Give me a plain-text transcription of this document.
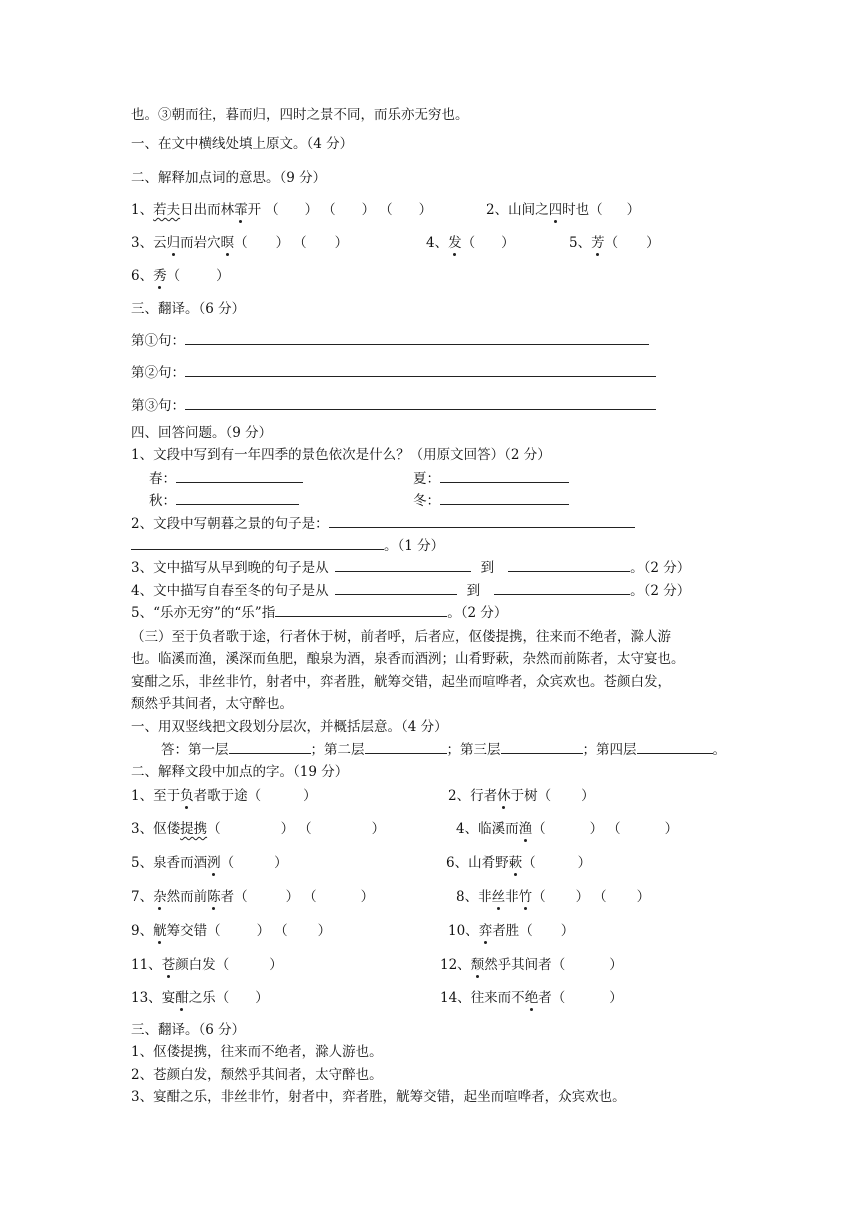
也。③朝而往，暮而归，四时之景不同，而乐亦无穷也。
一、在文中横线处填上原文。（4 分）
二、解释加点词的意思。（9 分）
1、若夫日出而林霏开 （ ） （ ） （ ）	2、山间之四时也（ ）
3、云归而岩穴暝（ ） （ ）	4、发（ ）	5、芳（ ）
6、秀（	）
三、翻译。（6 分）
第①句：
第②句：
第③句：
四、回答问题。（9 分）
1、文段中写到有一年四季的景色依次是什么？（用原文回答）（2 分）
春：	夏：
秋：	冬：
2、文段中写朝暮之景的句子是：
。（1 分）
3、文中描写从早到晚的句子是从	到	。（2 分）
4、文中描写自春至冬的句子是从	到	。（2 分）
5、“乐亦无穷”的“乐”指	。（2 分）
（三）至于负者歌于途，行者休于树，前者呼，后者应，伛偻提携，往来而不绝者，滁人游
也。临溪而渔，溪深而鱼肥，酿泉为酒，泉香而酒洌；山肴野蔌，杂然而前陈者，太守宴也。
宴酣之乐，非丝非竹，射者中，弈者胜，觥筹交错，起坐而喧哗者，众宾欢也。苍颜白发，
颓然乎其间者，太守醉也。
一、用双竖线把文段划分层次，并概括层意。（4 分）
答：第一层	；第二层	；第三层	；第四层	。
二、解释文段中加点的字。（19 分）
1、至于负者歌于途（	）	2、行者休于树（ ）
3、伛偻提携（	） （	）	4、临溪而渔（	） （	）
5、泉香而酒洌（	）	6、山肴野蔌（	）
7、杂然而前陈者（	） （	）	8、非丝非竹（ ） （ ）
9、觥筹交错（	） （ ）	10、弈者胜（ ）
11、苍颜白发（	）	12、颓然乎其间者（	）
13、宴酣之乐（ ）	14、往来而不绝者（	）
三、翻译。（6 分）
1、伛偻提携，往来而不绝者，滁人游也。
2、苍颜白发，颓然乎其间者，太守醉也。
3、宴酣之乐，非丝非竹，射者中，弈者胜，觥筹交错，起坐而喧哗者，众宾欢也。
